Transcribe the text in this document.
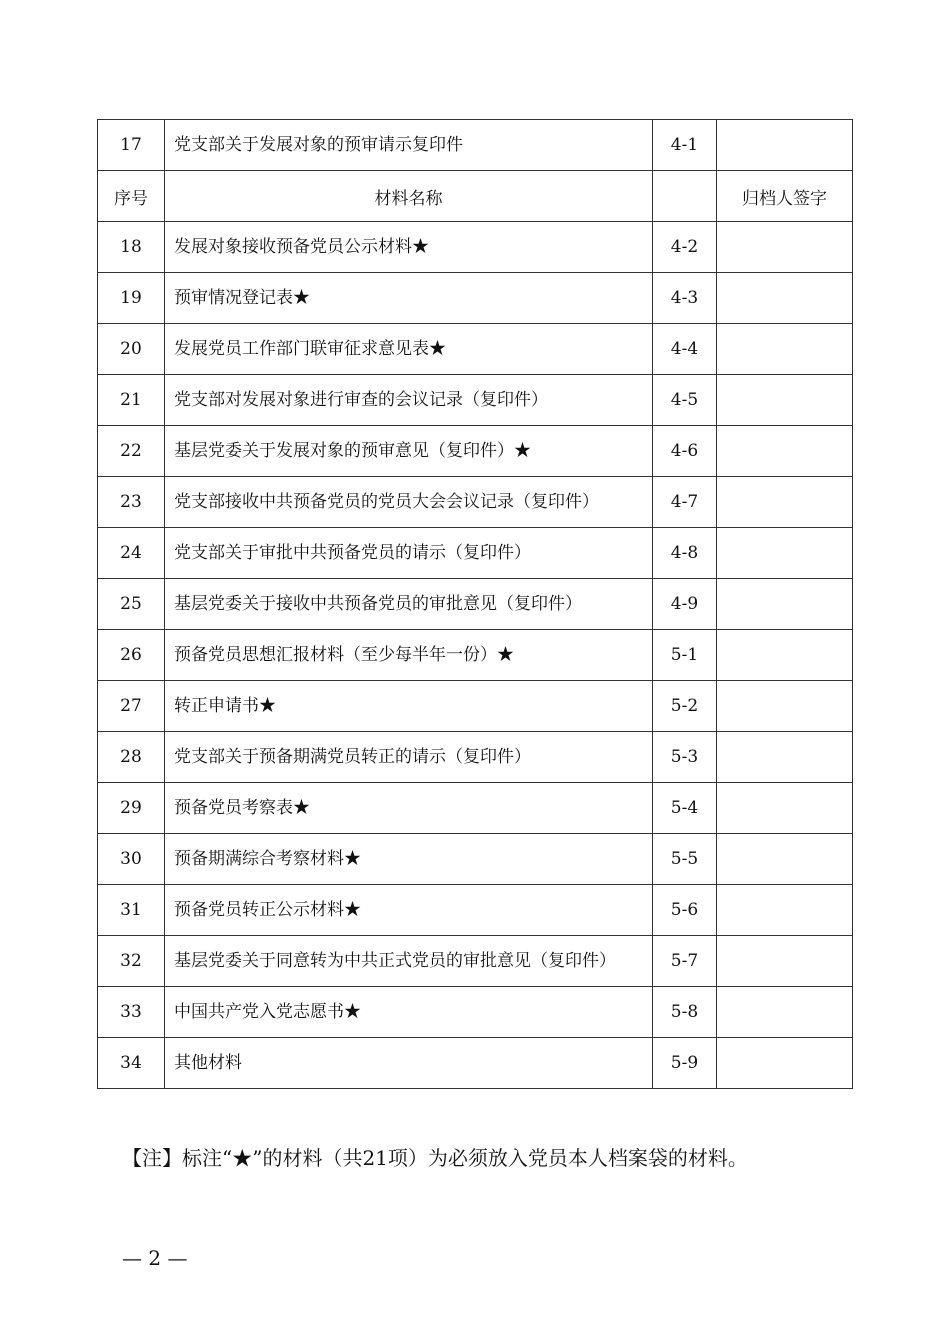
17	党支部关于发展对象的预审请示复印件	4-1	
序号	材料名称		归档人签字
18	发展对象接收预备党员公示材料★	4-2	
19	预审情况登记表★	4-3	
20	发展党员工作部门联审征求意见表★	4-4	
21	党支部对发展对象进行审查的会议记录（复印件）	4-5	
22	基层党委关于发展对象的预审意见（复印件）★	4-6	
23	党支部接收中共预备党员的党员大会会议记录（复印件）	4-7	
24	党支部关于审批中共预备党员的请示（复印件）	4-8	
25	基层党委关于接收中共预备党员的审批意见（复印件）	4-9	
26	预备党员思想汇报材料（至少每半年一份）★	5-1	
27	转正申请书★	5-2	
28	党支部关于预备期满党员转正的请示（复印件）	5-3	
29	预备党员考察表★	5-4	
30	预备期满综合考察材料★	5-5	
31	预备党员转正公示材料★	5-6	
32	基层党委关于同意转为中共正式党员的审批意见（复印件）	5-7	
33	中国共产党入党志愿书★	5-8	
34	其他材料	5-9	
【注】标注“★”的材料（共21项）为必须放入党员本人档案袋的材料。
— 2 —
